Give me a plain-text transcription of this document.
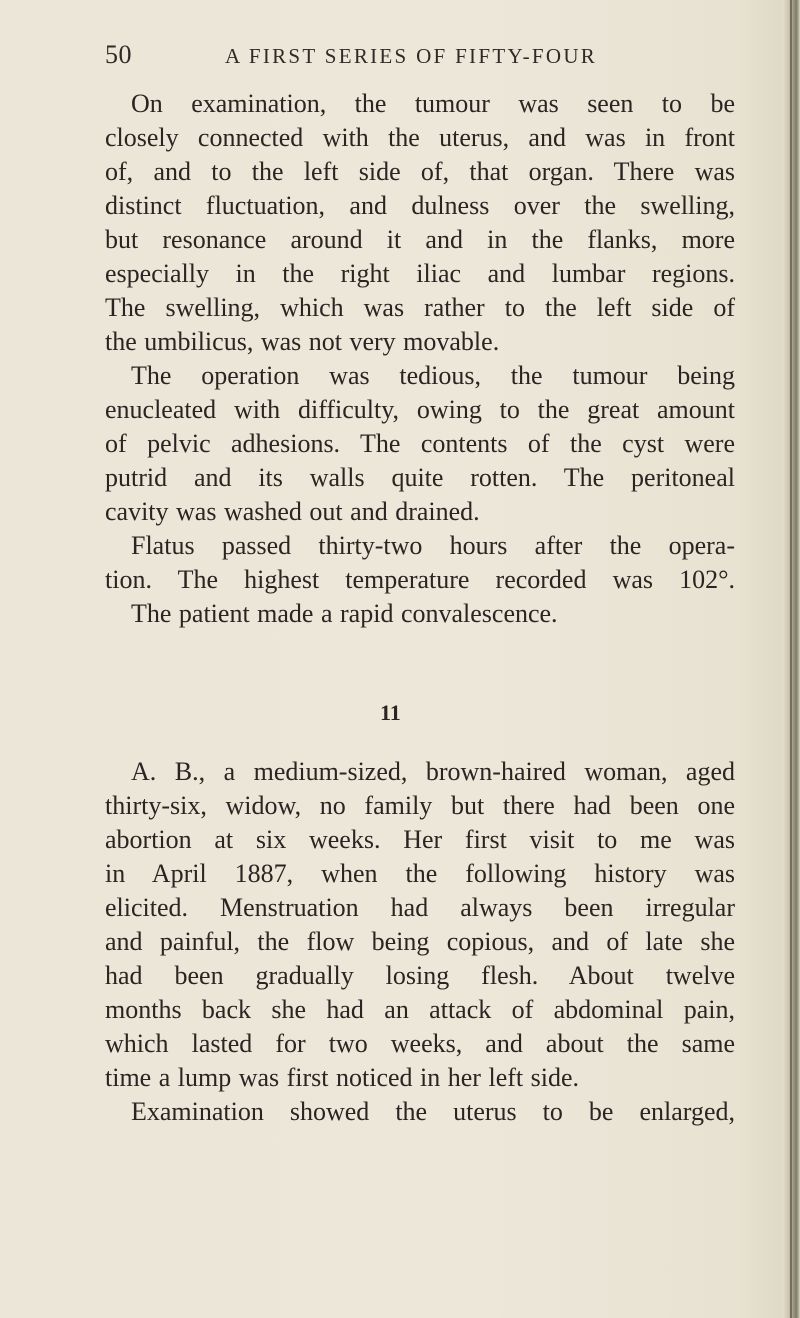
50	A FIRST SERIES OF FIFTY-FOUR
On examination, the tumour was seen to be
closely connected with the uterus, and was in front
of, and to the left side of, that organ. There was
distinct fluctuation, and dulness over the swelling,
but resonance around it and in the flanks, more
especially in the right iliac and lumbar regions.
The swelling, which was rather to the left side of
the umbilicus, was not very movable.
The operation was tedious, the tumour being
enucleated with difficulty, owing to the great amount
of pelvic adhesions. The contents of the cyst were
putrid and its walls quite rotten. The peritoneal
cavity was washed out and drained.
Flatus passed thirty-two hours after the opera-
tion. The highest temperature recorded was 102°.
The patient made a rapid convalescence.
11
A. B., a medium-sized, brown-haired woman, aged
thirty-six, widow, no family but there had been one
abortion at six weeks. Her first visit to me was
in April 1887, when the following history was
elicited. Menstruation had always been irregular
and painful, the flow being copious, and of late she
had been gradually losing flesh. About twelve
months back she had an attack of abdominal pain,
which lasted for two weeks, and about the same
time a lump was first noticed in her left side.
Examination showed the uterus to be enlarged,
